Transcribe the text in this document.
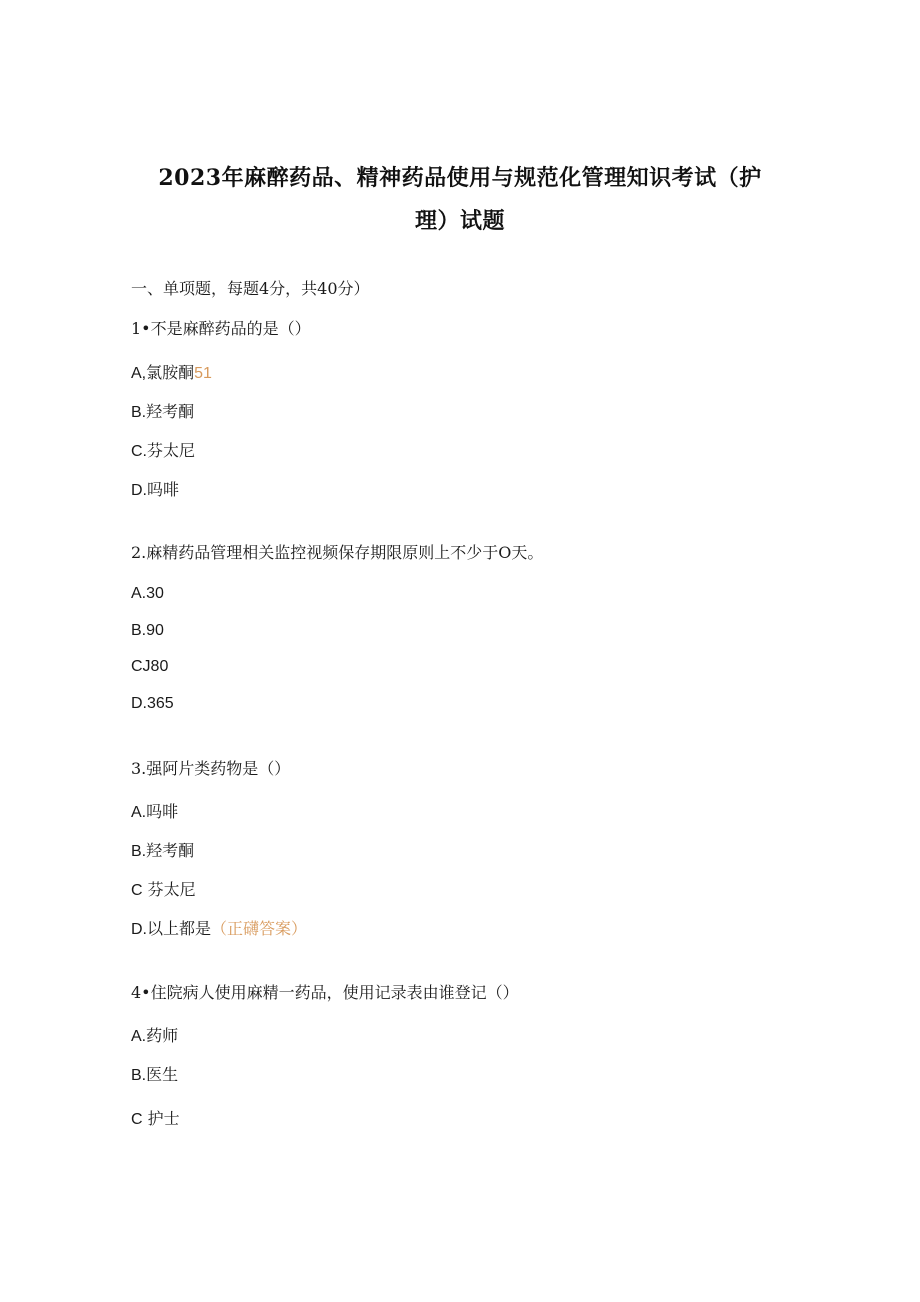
2023年麻醉药品、精神药品使用与规范化管理知识考试（护
理）试题
一、单项题，每题4分，共40分）
1•不是麻醉药品的是（）
A,氯胺酮51
B.羟考酮
C.芬太尼
D.吗啡
2.麻精药品管理相关监控视频保存期限原则上不少于O天。
A.30
B.90
CJ80
D.365
3.强阿片类药物是（）
A.吗啡
B.羟考酮
C 芬太尼
D.以上都是（正礴答案）
4•住院病人使用麻精一药品，使用记录表由谁登记（）
A.药师
B.医生
C 护士
